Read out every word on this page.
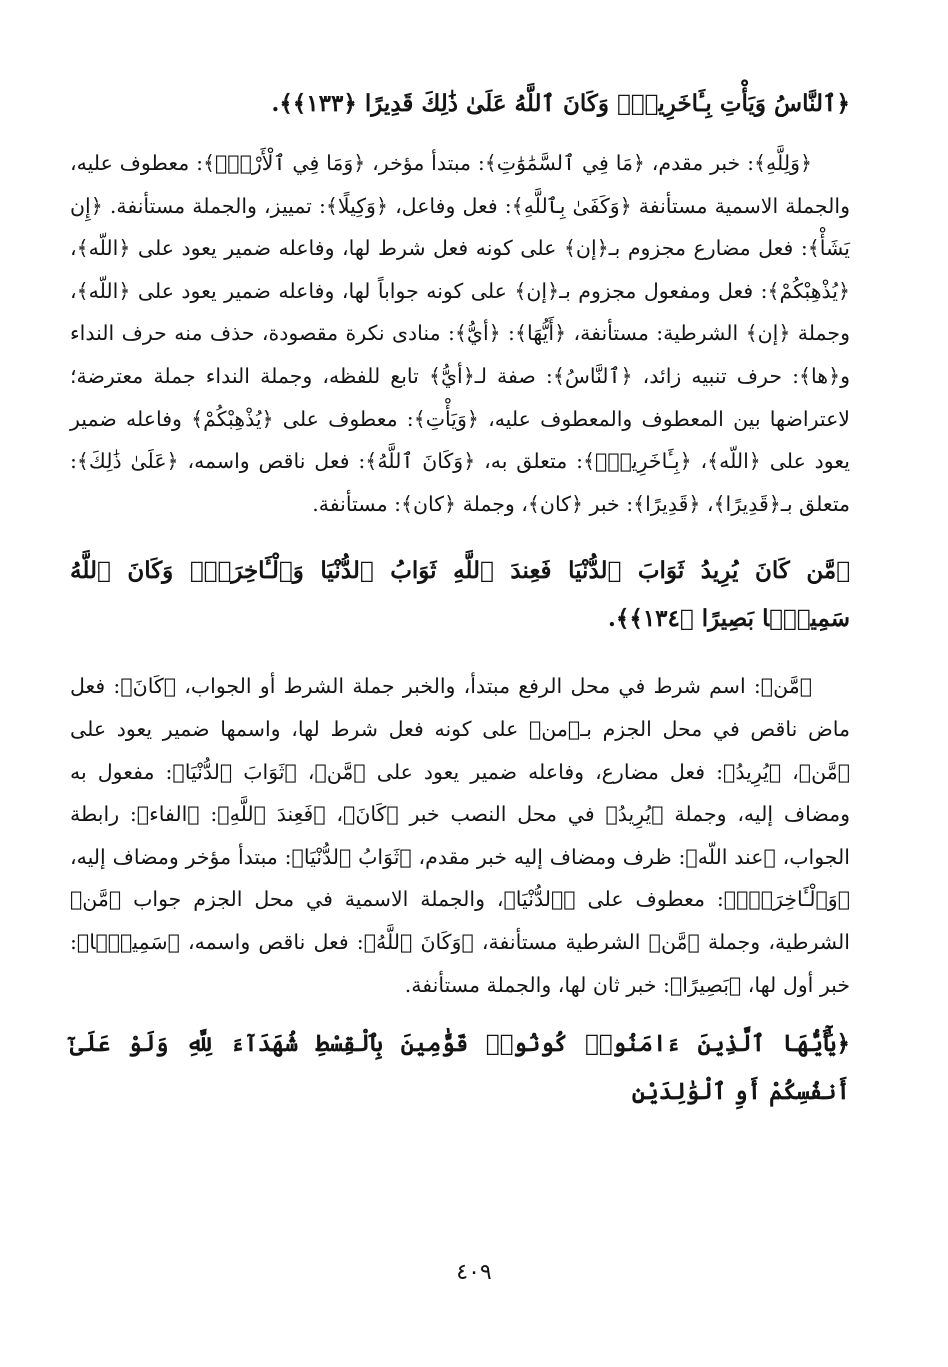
﴿ٱلنَّاسُ وَيَأْتِ بِـَٔاخَرِينَۚ وَكَانَ ٱللَّهُ عَلَىٰ ذَٰلِكَ قَدِيرًا ﴿١٣٣﴾﴾.

﴿وَلِلَّهِ﴾: خبر مقدم، ﴿مَا فِي ٱلسَّمَٰوَٰتِ﴾: مبتدأ مؤخر، ﴿وَمَا فِي ٱلْأَرْضِۚ﴾: معطوف عليه، والجملة الاسمية مستأنفة ﴿وَكَفَىٰ بِٱللَّهِ﴾: فعل وفاعل، ﴿وَكِيلًا﴾: تمييز، والجملة مستأنفة. ﴿إِن يَشَأْ﴾: فعل مضارع مجزوم بـ﴿إن﴾ على كونه فعل شرط لها، وفاعله ضمير يعود على ﴿اللّه﴾، ﴿يُذْهِبْكُمْ﴾: فعل ومفعول مجزوم بـ﴿إن﴾ على كونه جواباً لها، وفاعله ضمير يعود على ﴿اللّه﴾، وجملة ﴿إن﴾ الشرطية: مستأنفة، ﴿أَيُّهَا﴾: ﴿أيُّ﴾: منادى نكرة مقصودة، حذف منه حرف النداء و﴿ها﴾: حرف تنبيه زائد، ﴿ٱلنَّاسُ﴾: صفة لـ﴿أيُّ﴾ تابع للفظه، وجملة النداء جملة معترضة؛ لاعتراضها بين المعطوف والمعطوف عليه، ﴿وَيَأْتِ﴾: معطوف على ﴿يُذْهِبْكُمْ﴾ وفاعله ضمير يعود على ﴿اللّه﴾، ﴿بِـَٔاخَرِينَۚ﴾: متعلق به، ﴿وَكَانَ ٱللَّهُ﴾: فعل ناقص واسمه، ﴿عَلَىٰ ذَٰلِكَ﴾: متعلق بـ﴿قَدِيرًا﴾، ﴿قَدِيرًا﴾: خبر ﴿كان﴾، وجملة ﴿كان﴾: مستأنفة.

﴿مَّن كَانَ يُرِيدُ ثَوَابَ ٱلدُّنْيَا فَعِندَ ٱللَّهِ ثَوَابُ ٱلدُّنْيَا وَٱلْـَٔاخِرَةِۚ وَكَانَ ٱللَّهُ سَمِيعًۢا بَصِيرًا ﴿١٣٤﴾﴾.

﴿مَّن﴾: اسم شرط في محل الرفع مبتدأ، والخبر جملة الشرط أو الجواب، ﴿كَانَ﴾: فعل ماض ناقص في محل الجزم بـ﴿من﴾ على كونه فعل شرط لها، واسمها ضمير يعود على ﴿مَّن﴾، ﴿يُرِيدُ﴾: فعل مضارع، وفاعله ضمير يعود على ﴿مَّن﴾، ﴿ثَوَابَ ٱلدُّنْيَا﴾: مفعول به ومضاف إليه، وجملة ﴿يُرِيدُ﴾ في محل النصب خبر ﴿كَانَ﴾، ﴿فَعِندَ ٱللَّهِ﴾: ﴿الفاء﴾: رابطة الجواب، ﴿عند اللّه﴾: ظرف ومضاف إليه خبر مقدم، ﴿ثَوَابُ ٱلدُّنْيَا﴾: مبتدأ مؤخر ومضاف إليه، ﴿وَٱلْـَٔاخِرَةِۚ﴾: معطوف على ﴿ٱلدُّنْيَا﴾، والجملة الاسمية في محل الجزم جواب ﴿مَّن﴾ الشرطية، وجملة ﴿مَّن﴾ الشرطية مستأنفة، ﴿وَكَانَ ٱللَّهُ﴾: فعل ناقص واسمه، ﴿سَمِيعًۢا﴾: خبر أول لها، ﴿بَصِيرًا﴾: خبر ثان لها، والجملة مستأنفة.

﴿يَٰٓأَيُّهَا ٱلَّذِينَ ءَامَنُوا۟ كُونُوا۟ قَوَّٰمِينَ بِٱلْقِسْطِ شُهَدَآءَ لِلَّهِ وَلَوْ عَلَىٰٓ أَنفُسِكُمْ أَوِ ٱلْوَٰلِدَيْنِ

٤٠٩
